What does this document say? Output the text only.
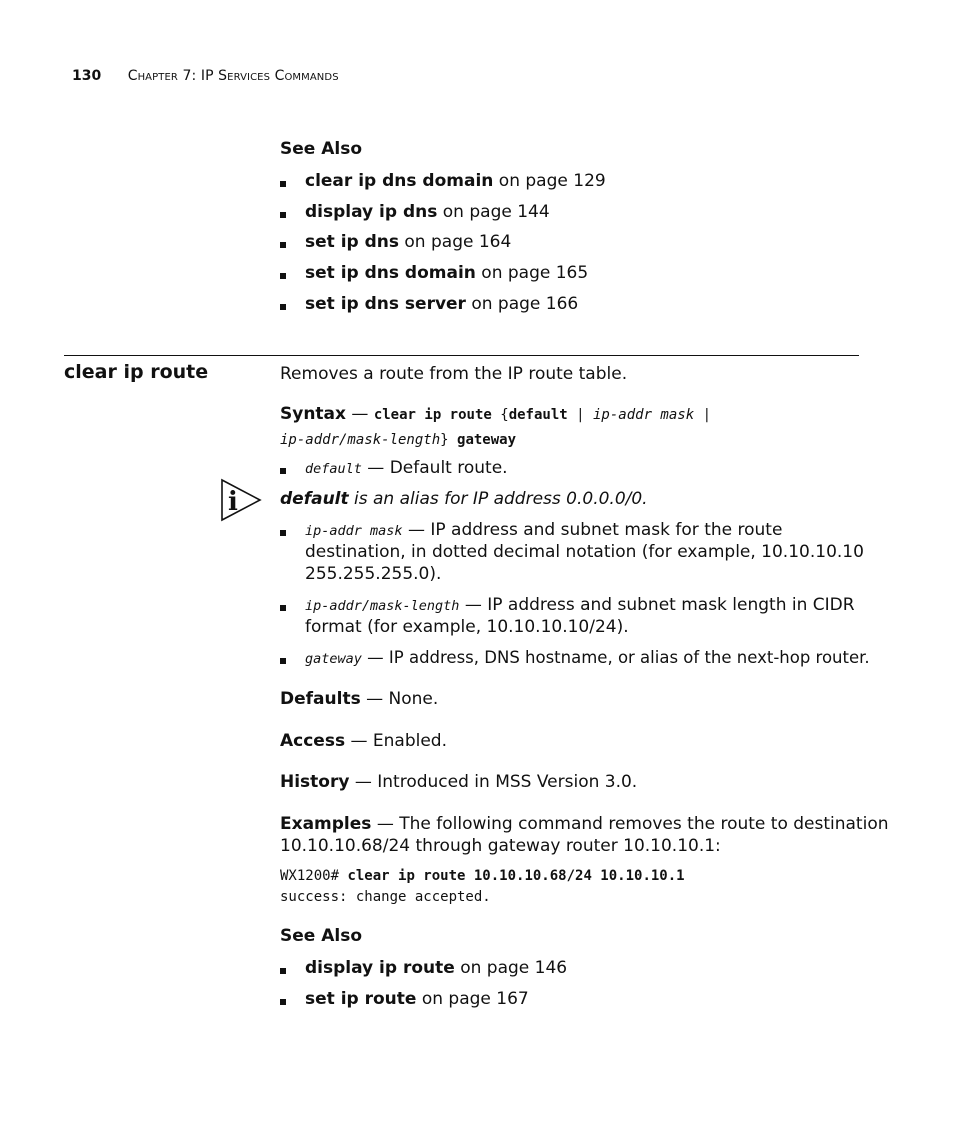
130 Chapter 7: IP Services Commands
See Also
clear ip dns domain on page 129
display ip dns on page 144
set ip dns on page 164
set ip dns domain on page 165
set ip dns server on page 166
clear ip route	Removes a route from the IP route table.
Syntax — clear ip route {default | ip-addr mask |
ip-addr/mask-length} gateway
default — Default route.
i default is an alias for IP address 0.0.0.0/0.
ip-addr mask — IP address and subnet mask for the route
destination, in dotted decimal notation (for example, 10.10.10.10
255.255.255.0).
ip-addr/mask-length — IP address and subnet mask length in CIDR
format (for example, 10.10.10.10/24).
gateway — IP address, DNS hostname, or alias of the next-hop router.
Defaults — None.
Access — Enabled.
History — Introduced in MSS Version 3.0.
Examples — The following command removes the route to destination
10.10.10.68/24 through gateway router 10.10.10.1:
WX1200# clear ip route 10.10.10.68/24 10.10.10.1
success: change accepted.
See Also
display ip route on page 146
set ip route on page 167
